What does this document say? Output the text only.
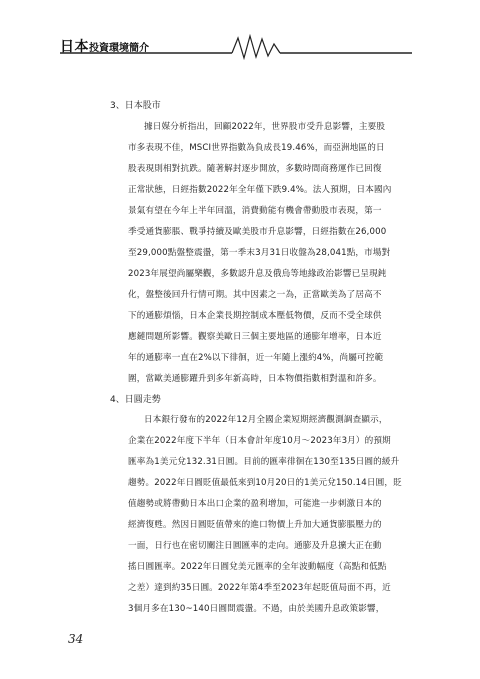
日本投資環境簡介
3、日本股市
據日媒分析指出，回顧2022年，世界股市受升息影響，主要股
市多表現不佳，MSCI世界指數為負成長19.46%，而亞洲地區的日
股表現則相對抗跌。隨著解封逐步開放，多數時間商務運作已回復
正常狀態，日經指數2022年全年僅下跌9.4%。法人預期，日本國內
景氣有望在今年上半年回溫，消費動能有機會帶動股市表現，第一
季受通貨膨脹、戰爭持續及歐美股市升息影響，日經指數在26,000
至29,000點盤整震盪，第一季末3月31日收盤為28,041點，市場對
2023年展望尚屬樂觀，多數認升息及俄烏等地緣政治影響已呈現鈍
化，盤整後回升行情可期。其中因素之一為，正當歐美為了居高不
下的通膨煩惱，日本企業長期控制成本壓低物價，反而不受全球供
應鏈問題所影響。觀察美歐日三個主要地區的通膨年增率，日本近
年的通膨率一直在2%以下徘徊，近一年隨上漲約4%，尚屬可控範
圍，當歐美通膨躍升到多年新高時，日本物價指數相對溫和許多。
4、日圓走勢
日本銀行發布的2022年12月全國企業短期經濟觀測調查顯示，
企業在2022年度下半年（日本會計年度10月～2023年3月）的預期
匯率為1美元兌132.31日圓。目前的匯率徘徊在130至135日圓的緩升
趨勢。2022年日圓貶值最低來到10月20日的1美元兌150.14日圓，貶
值趨勢或將帶動日本出口企業的盈利增加，可能進一步刺激日本的
經濟復甦。然因日圓貶值帶來的進口物價上升加大通貨膨脹壓力的
一面，日行也在密切關注日圓匯率的走向。通膨及升息擴大正在動
搖日圓匯率。2022年日圓兌美元匯率的全年波動幅度（高點和低點
之差）達到約35日圓。2022年第4季至2023年起貶值局面不再，近
3個月多在130~140日圓間震盪。不過，由於美國升息政策影響，
34
